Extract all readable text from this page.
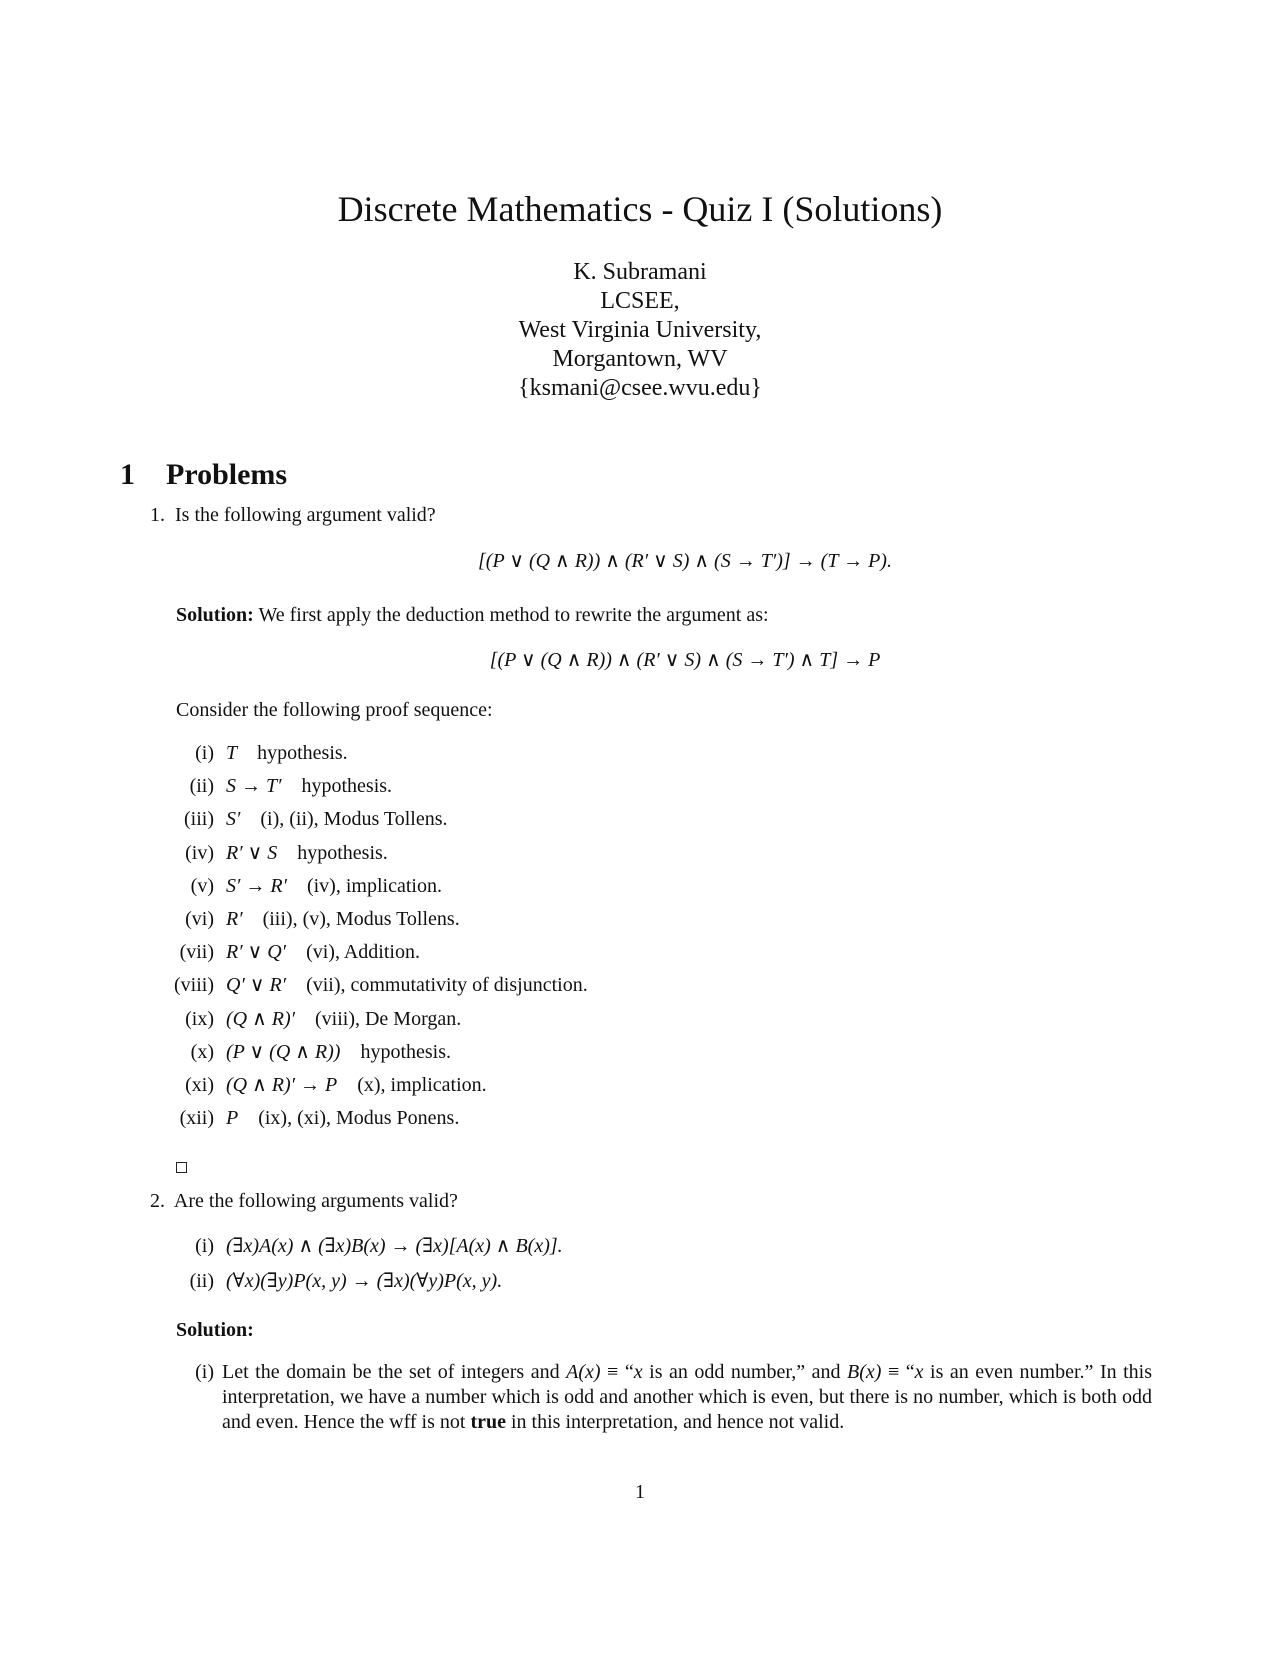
Discrete Mathematics - Quiz I (Solutions)
K. Subramani
LCSEE,
West Virginia University,
Morgantown, WV
{ksmani@csee.wvu.edu}
1 Problems
1. Is the following argument valid?
[(P ∨ (Q ∧ R)) ∧ (R′ ∨ S) ∧ (S → T′)] → (T → P).
Solution: We first apply the deduction method to rewrite the argument as:
[(P ∨ (Q ∧ R)) ∧ (R′ ∨ S) ∧ (S → T′) ∧ T] → P
Consider the following proof sequence:
(i) T hypothesis.
(ii) S → T′ hypothesis.
(iii) S′ (i), (ii), Modus Tollens.
(iv) R′ ∨ S hypothesis.
(v) S′ → R′ (iv), implication.
(vi) R′ (iii), (v), Modus Tollens.
(vii) R′ ∨ Q′ (vi), Addition.
(viii) Q′ ∨ R′ (vii), commutativity of disjunction.
(ix) (Q ∧ R)′ (viii), De Morgan.
(x) (P ∨ (Q ∧ R)) hypothesis.
(xi) (Q ∧ R)′ → P (x), implication.
(xii) P (ix), (xi), Modus Ponens.
2. Are the following arguments valid?
(i) (∃x)A(x) ∧ (∃x)B(x) → (∃x)[A(x) ∧ B(x)].
(ii) (∀x)(∃y)P(x, y) → (∃x)(∀y)P(x, y).
Solution:
(i) Let the domain be the set of integers and A(x) ≡ “x is an odd number,” and B(x) ≡ “x is an even number.” In this interpretation, we have a number which is odd and another which is even, but there is no number, which is both odd and even. Hence the wff is not true in this interpretation, and hence not valid.
1
